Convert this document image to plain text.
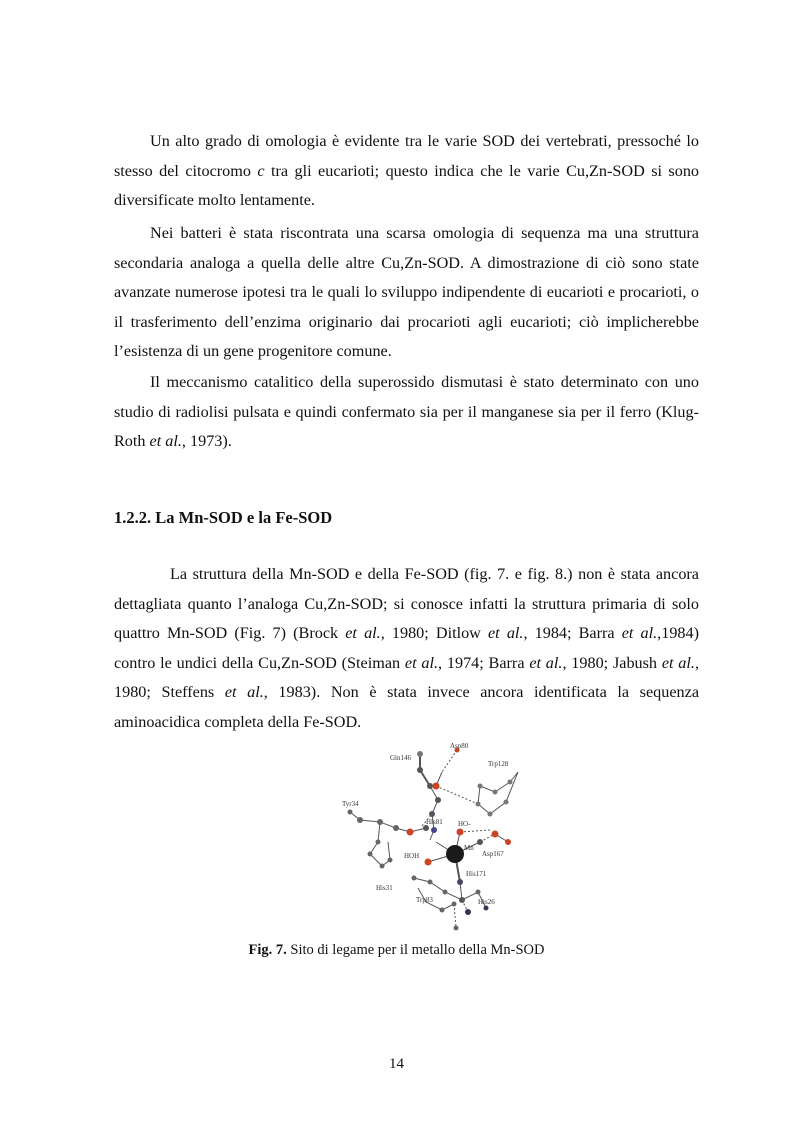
Un alto grado di omologia è evidente tra le varie SOD dei vertebrati, pressoché lo stesso del citocromo c tra gli eucarioti; questo indica che le varie Cu,Zn-SOD si sono diversificate molto lentamente.

Nei batteri è stata riscontrata una scarsa omologia di sequenza ma una struttura secondaria analoga a quella delle altre Cu,Zn-SOD. A dimostrazione di ciò sono state avanzate numerose ipotesi tra le quali lo sviluppo indipendente di eucarioti e procarioti, o il trasferimento dell’enzima originario dai procarioti agli eucarioti; ciò implicherebbe l’esistenza di un gene progenitore comune.

Il meccanismo catalitico della superossido dismutasi è stato determinato con uno studio di radiolisi pulsata e quindi confermato sia per il manganese sia per il ferro (Klug-Roth et al., 1973).

1.2.2. La Mn-SOD e la Fe-SOD

La struttura della Mn-SOD e della Fe-SOD (fig. 7. e fig. 8.) non è stata ancora dettagliata quanto l’analoga Cu,Zn-SOD; si conosce infatti la struttura primaria di solo quattro Mn-SOD (Fig. 7) (Brock et al., 1980; Ditlow et al., 1984; Barra et al.,1984) contro le undici della Cu,Zn-SOD (Steiman et al., 1974; Barra et al., 1980; Jabush et al., 1980; Steffens et al., 1983). Non è stata invece ancora identificata la sequenza aminoacidica completa della Fe-SOD.

Asp80
Gln146
Trp128
Tyr34
His81 HO-
Mn
HOH	Asp167
His171
His31
Trp83	His26
Fig. 7. Sito di legame per il metallo della Mn-SOD
14
